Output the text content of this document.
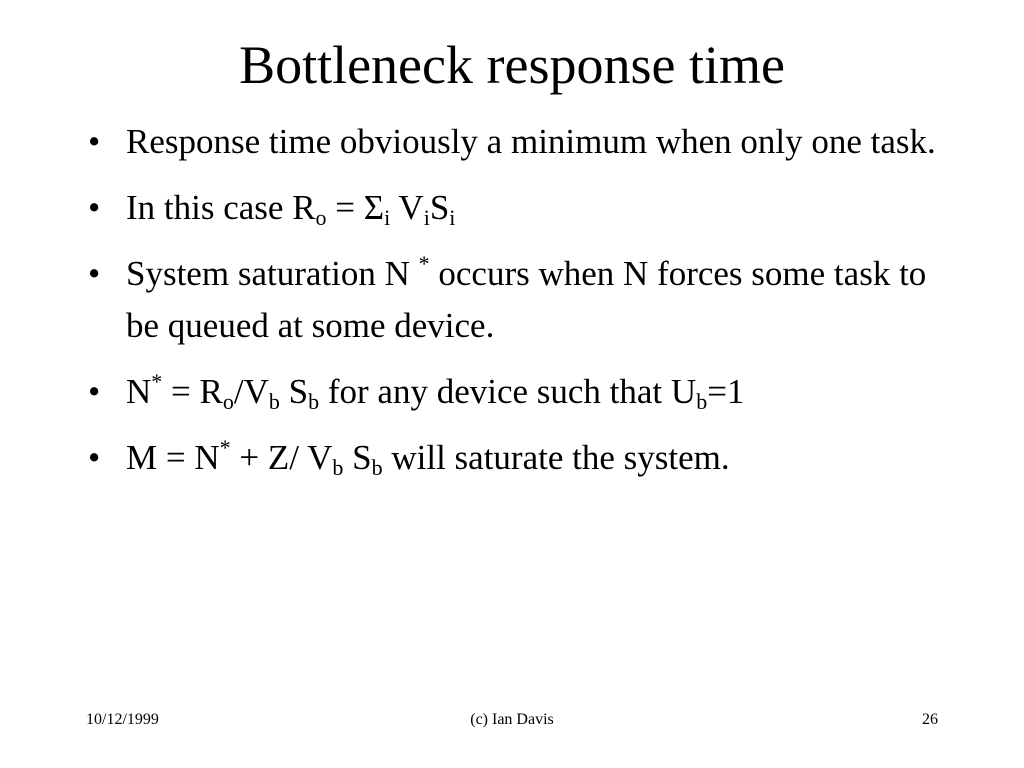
Bottleneck response time
• Response time obviously a minimum when only one task.
• In this case $R_o = \Sigma_i$ $V_iS_i$
• System saturation N * occurs when N forces some task to be queued at some device.
• $N^* = R_o/V_b$ $S_b$ for any device such that $U_b=1$
• M = N* + Z/ $V_b$ $S_b$ will saturate the system.
10/12/1999	(c) Ian Davis	26
